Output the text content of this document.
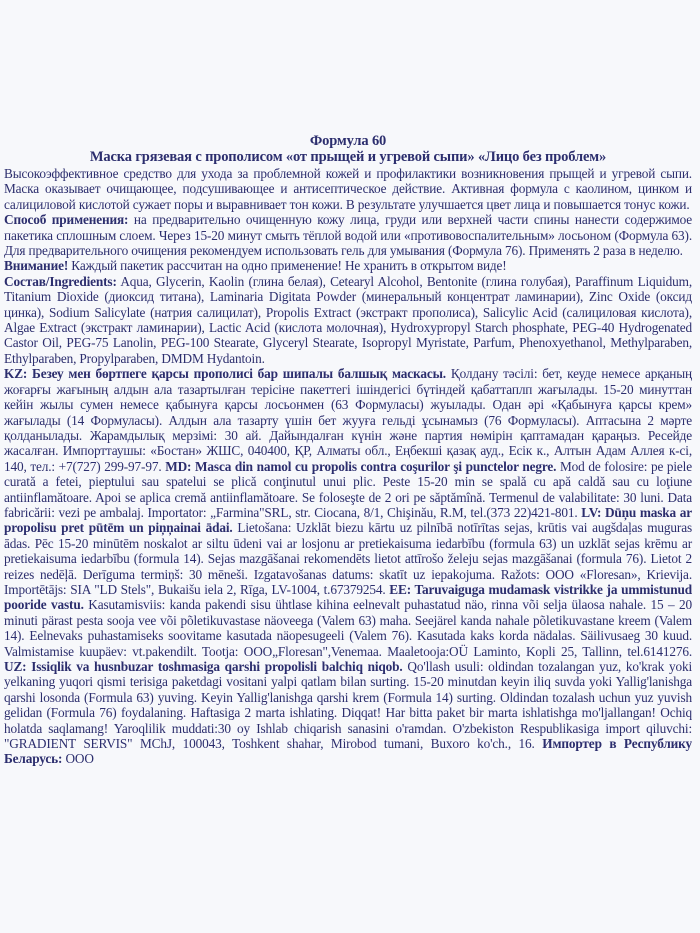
Формула 60
Маска грязевая с прополисом «от прыщей и угревой сыпи» «Лицо без проблем»

Высокоэффективное средство для ухода за проблемной кожей и профилактики возникновения прыщей и угревой сыпи. Маска оказывает очищающее, подсушивающее и антисептическое действие. Активная формула с каолином, цинком и салициловой кислотой сужает поры и выравнивает тон кожи. В результате улучшается цвет лица и повышается тонус кожи.

Способ применения: на предварительно очищенную кожу лица, груди или верхней части спины нанести содержимое пакетика сплошным слоем. Через 15-20 минут смыть тёплой водой или «противовоспалительным» лосьоном (Формула 63). Для предварительного очищения рекомендуем использовать гель для умывания (Формула 76). Применять 2 раза в неделю.

Внимание! Каждый пакетик рассчитан на одно применение! Не хранить в открытом виде!

Состав/Ingredients: Aqua, Glycerin, Kaolin (глина белая), Cetearyl Alcohol, Bentonite (глина голубая), Paraffinum Liquidum, Titanium Dioxide (диоксид титана), Laminaria Digitata Powder (минеральный концентрат ламинарии), Zinc Oxide (оксид цинка), Sodium Salicylate (натрия салицилат), Propolis Extract (экстракт прополиса), Salicylic Acid (салициловая кислота), Algae Extract (экстракт ламинарии), Lactic Acid (кислота молочная), Hydroxypropyl Starch phosphate, PEG-40 Hydrogenated Castor Oil, PEG-75 Lanolin, PEG-100 Stearate, Glyceryl Stearate, Isopropyl Myristate, Parfum, Phenoxyethanol, Methylparaben, Ethylparaben, Propylparaben, DMDM Hydantoin.

KZ: Безеу мен бөртпеге қарсы прополисі бар шипалы балшық маскасы. Қолдану тәсілі: бет, кеуде немесе арқаның жоғарғы жағының алдын ала тазартылған терісіне пакеттегі ішіндегісі бүтіндей қабаттаплп жағылады. 15-20 минуттан кейін жылы сумен немесе қабынуға қарсы лосьонмен (63 Формуласы) жуылады. Одан әрі «Қабынуға қарсы крем» жағылады (14 Формуласы). Алдын ала тазарту үшін бет жууға гельді ұсынамыз (76 Формуласы). Аптасына 2 мәрте қолданылады. Жарамдылық мерзімі: 30 ай. Дайындалған күнін және партия нөмірін қаптамадан қараңыз. Ресейде жасалған. Импорттаушы: «Бостан» ЖШС, 040400, ҚР, Алматы обл., Еңбекші қазақ ауд., Есік к., Алтын Адам Аллея к-сі, 140, тел.: +7(727) 299-97-97. MD: Masca din namol cu propolis contra coşurilor şi punctelor negre. Mod de folosire: pe piele curată a fetei, pieptului sau spatelui se plică conţinutul unui plic. Peste 15-20 min se spală cu apă caldă sau cu loţiune antiinflamătoare. Apoi se aplica cremă antiinflamătoare. Se foloseşte de 2 ori pe săptămînă. Termenul de valabilitate: 30 luni. Data fabricării: vezi pe ambalaj. Importator: „Farmina"SRL, str. Ciocana, 8/1, Chişinău, R.M, tel.(373 22)421-801. LV: Dūņu maska ar propolisu pret pūtēm un piņņainai ādai. Lietošana: Uzklāt biezu kārtu uz pilnībā notīrītas sejas, krūtis vai augšdaļas muguras ādas. Pēc 15-20 minūtēm noskalot ar siltu ūdeni vai ar losjonu ar pretiekaisuma iedarbību (formula 63) un uzklāt sejas krēmu ar pretiekaisuma iedarbību (formula 14). Sejas mazgāšanai rekomendēts lietot attīrošo želeju sejas mazgāšanai (formula 76). Lietot 2 reizes nedēļā. Derīguma termiņš: 30 mēneši. Izgatavošanas datums: skatīt uz iepakojuma. Ražots: OOO «Floresan», Krievija. Importētājs: SIA "LD Stels", Bukaišu iela 2, Rīga, LV-1004, t.67379254. EE: Taruvaiguga mudamask vistrikke ja ummistunud pooride vastu. Kasutamisviis: kanda pakendi sisu ühtlase kihina eelnevalt puhastatud näo, rinna või selja ülaosa nahale. 15 – 20 minuti pärast pesta sooja vee või põletikuvastase näoveega (Valem 63) maha. Seejärel kanda nahale põletikuvastane kreem (Valem 14). Eelnevaks puhastamiseks soovitame kasutada näopesugeeli (Valem 76). Kasutada kaks korda nädalas. Säilivusaeg 30 kuud. Valmistamise kuupäev: vt.pakendilt. Tootja: OOO„Floresan",Venemaa. Maaletooja:OÜ Laminto, Kopli 25, Tallinn, tel.6141276. UZ: Issiqlik va husnbuzar toshmasiga qarshi propolisli balchiq niqob. Qo'llash usuli: oldindan tozalangan yuz, ko'krak yoki yelkaning yuqori qismi terisiga paketdagi vositani yalpi qatlam bilan surting. 15-20 minutdan keyin iliq suvda yoki Yallig'lanishga qarshi losonda (Formula 63) yuving. Keyin Yallig'lanishga qarshi krem (Formula 14) surting. Oldindan tozalash uchun yuz yuvish gelidan (Formula 76) foydalaning. Haftasiga 2 marta ishlating. Diqqat! Har bitta paket bir marta ishlatishga mo'ljallangan! Ochiq holatda saqlamang! Yaroqlilik muddati:30 oy Ishlab chiqarish sanasini o'ramdan. O'zbekiston Respublikasiga import qiluvchi: "GRADIENT SERVIS" MChJ, 100043, Toshkent shahar, Mirobod tumani, Buxoro ko'ch., 16. Импортер в Республику Беларусь: ООО
